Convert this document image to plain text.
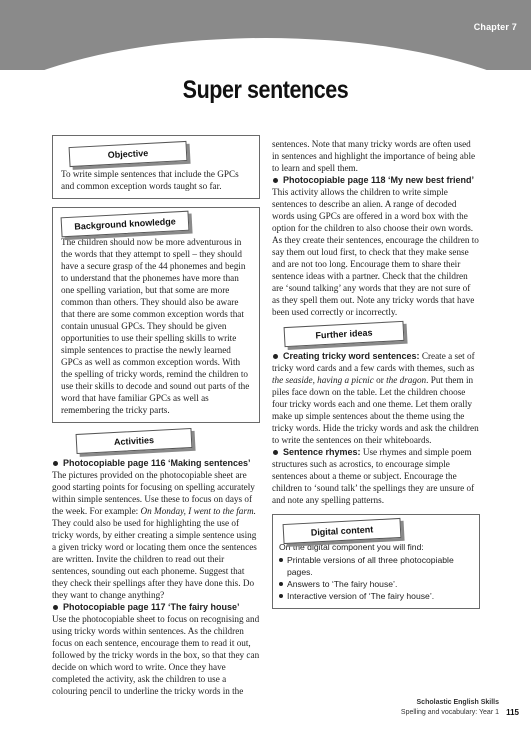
Chapter 7
Super sentences
Objective

To write simple sentences that include the GPCs and common exception words taught so far.

Background knowledge

The children should now be more adventurous in the words that they attempt to spell – they should have a secure grasp of the 44 phonemes and begin to understand that the phonemes have more than one spelling variation, but that some are more common than others. They should also be aware that there are some common exception words that contain unusual GPCs. They should be given opportunities to use their spelling skills to write simple sentences to practise the newly learned GPCs as well as common exception words. With the spelling of tricky words, remind the children to use their skills to decode and sound out parts of the word that have familiar GPCs as well as remembering the tricky parts.

Activities

Photocopiable page 116 ‘Making sentences’

The pictures provided on the photocopiable sheet are good starting points for focusing on spelling accurately within simple sentences. Use these to focus on days of the week. For example: On Monday, I went to the farm. They could also be used for highlighting the use of tricky words, by either creating a simple sentence using a given tricky word or locating them once the sentences are written. Invite the children to read out their sentences, sounding out each phoneme. Suggest that they check their spellings after they have done this. Do they want to change anything?

Photocopiable page 117 ‘The fairy house’

Use the photocopiable sheet to focus on recognising and using tricky words within sentences. As the children focus on each sentence, encourage them to read it out, followed by the tricky words in the box, so that they can decide on which word to write. Once they have completed the activity, ask the children to use a colouring pencil to underline the tricky words in the

sentences. Note that many tricky words are often used in sentences and highlight the importance of being able to learn and spell them.

Photocopiable page 118 ‘My new best friend’

This activity allows the children to write simple sentences to describe an alien. A range of decoded words using GPCs are offered in a word box with the option for the children to also choose their own words. As they create their sentences, encourage the children to say them out loud first, to check that they make sense and are not too long. Encourage them to share their sentence ideas with a partner. Check that the children are ‘sound talking’ any words that they are not sure of as they spell them out. Note any tricky words that have been used correctly or incorrectly.

Further ideas

Creating tricky word sentences: Create a set of tricky word cards and a few cards with themes, such as the seaside, having a picnic or the dragon. Put them in piles face down on the table. Let the children choose four tricky words each and one theme. Let them orally make up simple sentences about the theme using the tricky words. Hide the tricky words and ask the children to write the sentences on their whiteboards.

Sentence rhymes: Use rhymes and simple poem structures such as acrostics, to encourage simple sentences about a theme or subject. Encourage the children to ‘sound talk’ the spellings they are unsure of and note any spelling patterns.

Digital content

On the digital component you will find:

Printable versions of all three photocopiable pages.
Answers to ‘The fairy house’.
Interactive version of ‘The fairy house’.
Scholastic English Skills
Spelling and vocabulary: Year 1 115
